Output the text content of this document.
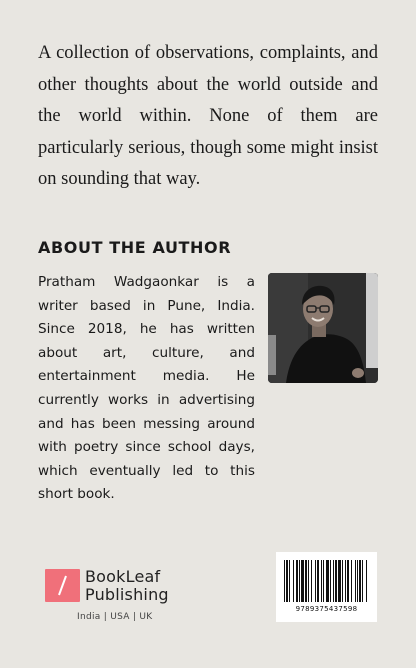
A collection of observations, complaints, and other thoughts about the world outside and the world within. None of them are particularly serious, though some might insist on sounding that way.

ABOUT THE AUTHOR

Pratham Wadgaonkar is a writer based in Pune, India. Since 2018, he has written about art, culture, and entertainment media. He currently works in advertising and has been messing around with poetry since school days, which eventually led to this short book.

BookLeaf
Publishing
India | USA | UK
9789375437598
